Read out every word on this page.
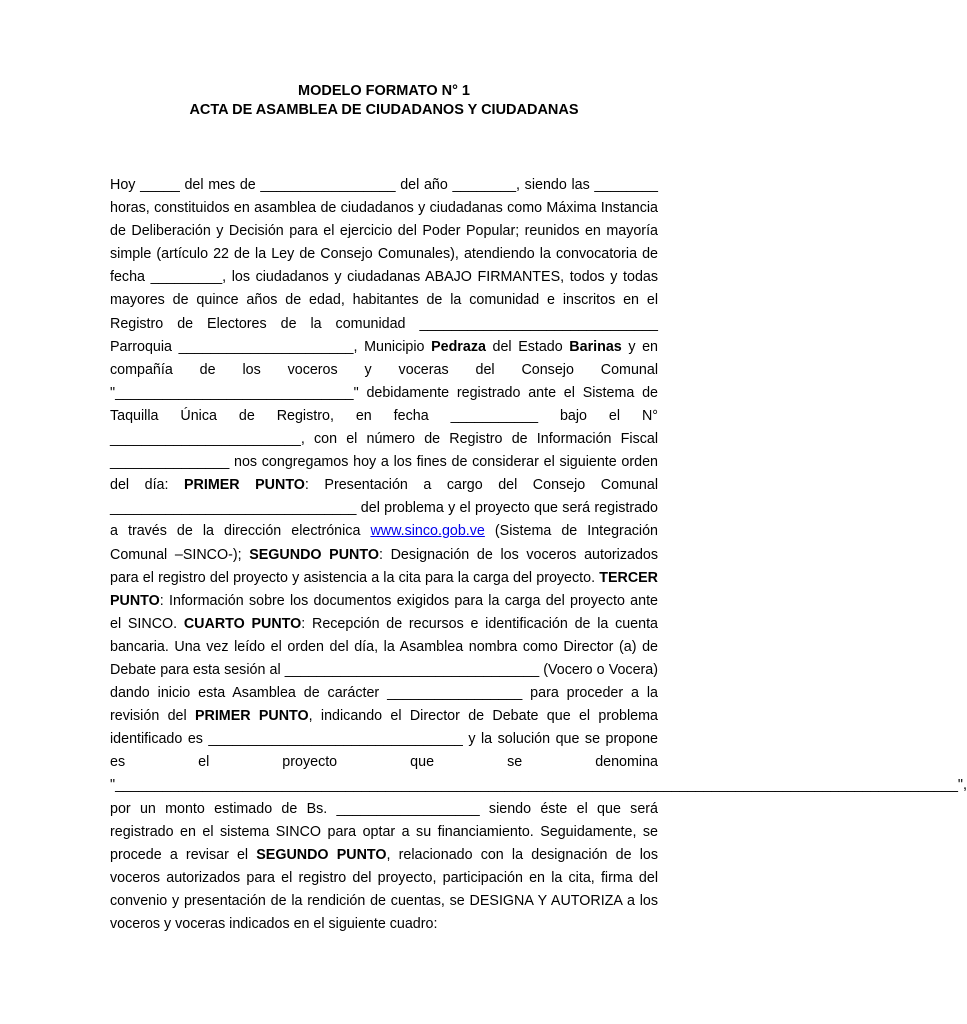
MODELO FORMATO N° 1
ACTA DE ASAMBLEA DE CIUDADANOS Y CIUDADANAS
Hoy _____ del mes de _________________ del año ________, siendo las ________ horas, constituidos en asamblea de ciudadanos y ciudadanas como Máxima Instancia de Deliberación y Decisión para el ejercicio del Poder Popular; reunidos en mayoría simple (artículo 22 de la Ley de Consejo Comunales), atendiendo la convocatoria de fecha _________, los ciudadanos y ciudadanas ABAJO FIRMANTES, todos y todas mayores de quince años de edad, habitantes de la comunidad e inscritos en el Registro de Electores de la comunidad ______________________________ Parroquia ______________________, Municipio Pedraza del Estado Barinas y en compañía de los voceros y voceras del Consejo Comunal "______________________________" debidamente registrado ante el Sistema de Taquilla Única de Registro, en fecha ___________ bajo el N° ________________________, con el número de Registro de Información Fiscal _______________ nos congregamos hoy a los fines de considerar el siguiente orden del día: PRIMER PUNTO: Presentación a cargo del Consejo Comunal _______________________________ del problema y el proyecto que será registrado a través de la dirección electrónica www.sinco.gob.ve (Sistema de Integración Comunal –SINCO-); SEGUNDO PUNTO: Designación de los voceros autorizados para el registro del proyecto y asistencia a la cita para la carga del proyecto. TERCER PUNTO: Información sobre los documentos exigidos para la carga del proyecto ante el SINCO. CUARTO PUNTO: Recepción de recursos e identificación de la cuenta bancaria. Una vez leído el orden del día, la Asamblea nombra como Director (a) de Debate para esta sesión al ________________________________ (Vocero o Vocera) dando inicio esta Asamblea de carácter _________________ para proceder a la revisión del PRIMER PUNTO, indicando el Director de Debate que el problema identificado es ________________________________ y la solución que se propone es el proyecto que se denomina "__________________________________________________________________________________________________________", por un monto estimado de Bs. __________________ siendo éste el que será registrado en el sistema SINCO para optar a su financiamiento. Seguidamente, se procede a revisar el SEGUNDO PUNTO, relacionado con la designación de los voceros autorizados para el registro del proyecto, participación en la cita, firma del convenio y presentación de la rendición de cuentas, se DESIGNA Y AUTORIZA a los voceros y voceras indicados en el siguiente cuadro:
